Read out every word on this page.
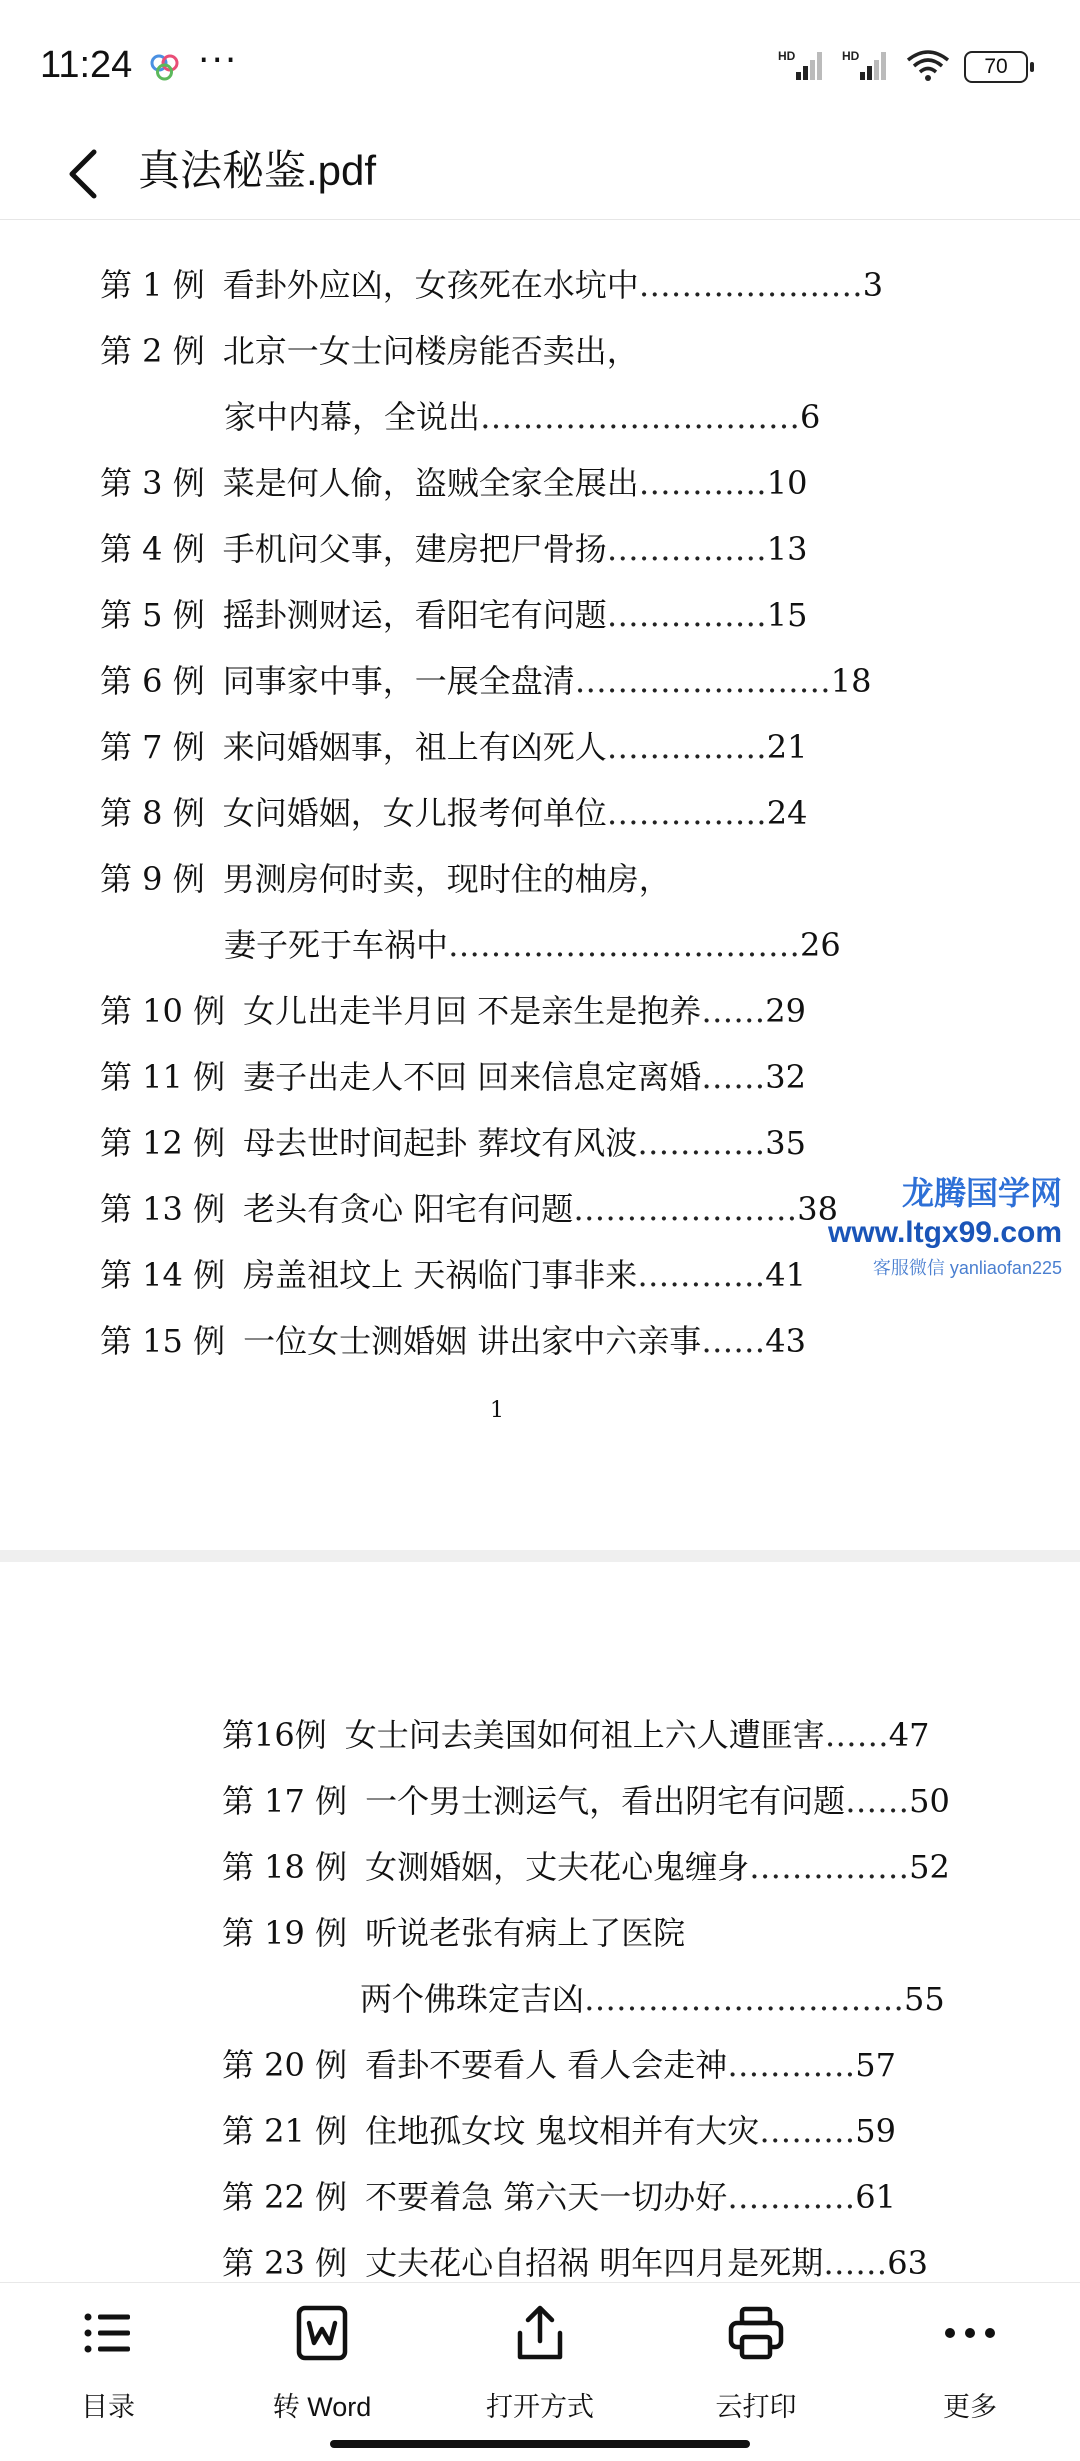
11:24 ···	HD	HD	70
真法秘鉴.pdf
第 1 例 看卦外应凶，女孩死在水坑中 ………………… 3
第 2 例 北京一女士问楼房能否卖出，
家中内幕，全说出 ………………………… 6
第 3 例 菜是何人偷，盗贼全家全展出 ………… 10
第 4 例 手机问父事，建房把尸骨扬 …………… 13
第 5 例 摇卦测财运，看阳宅有问题 …………… 15
第 6 例 同事家中事，一展全盘清 …………………… 18
第 7 例 来问婚姻事，祖上有凶死人 …………… 21
第 8 例 女问婚姻，女儿报考何单位 …………… 24
第 9 例 男测房何时卖，现时住的柚房，
妻子死于车祸中 …………………………… 26
第 10 例 女儿出走半月回 不是亲生是抱养 …… 29
第 11 例 妻子出走人不回 回来信息定离婚 …… 32
第 12 例 母去世时间起卦 葬坟有风波 ………… 35
第 13 例 老头有贪心 阳宅有问题 ………………… 38
第 14 例 房盖祖坟上 天祸临门事非来 ………… 41
第 15 例 一位女士测婚姻 讲出家中六亲事 …… 43
1
龙腾国学网
www.ltgx99.com
客服微信 yanliaofan225
第16例 女士问去美国如何祖上六人遭匪害 …… 47
第 17 例 一个男士测运气，看出阴宅有问题 …… 50
第 18 例 女测婚姻，丈夫花心鬼缠身 …………… 52
第 19 例 听说老张有病上了医院
两个佛珠定吉凶 ………………………… 55
第 20 例 看卦不要看人 看人会走神 ………… 57
第 21 例 住地孤女坟 鬼坟相并有大灾 ……… 59
第 22 例 不要着急 第六天一切办好 ………… 61
第 23 例 丈夫花心自招祸 明年四月是死期 …… 63
目录	转 Word	打开方式	云打印	更多
